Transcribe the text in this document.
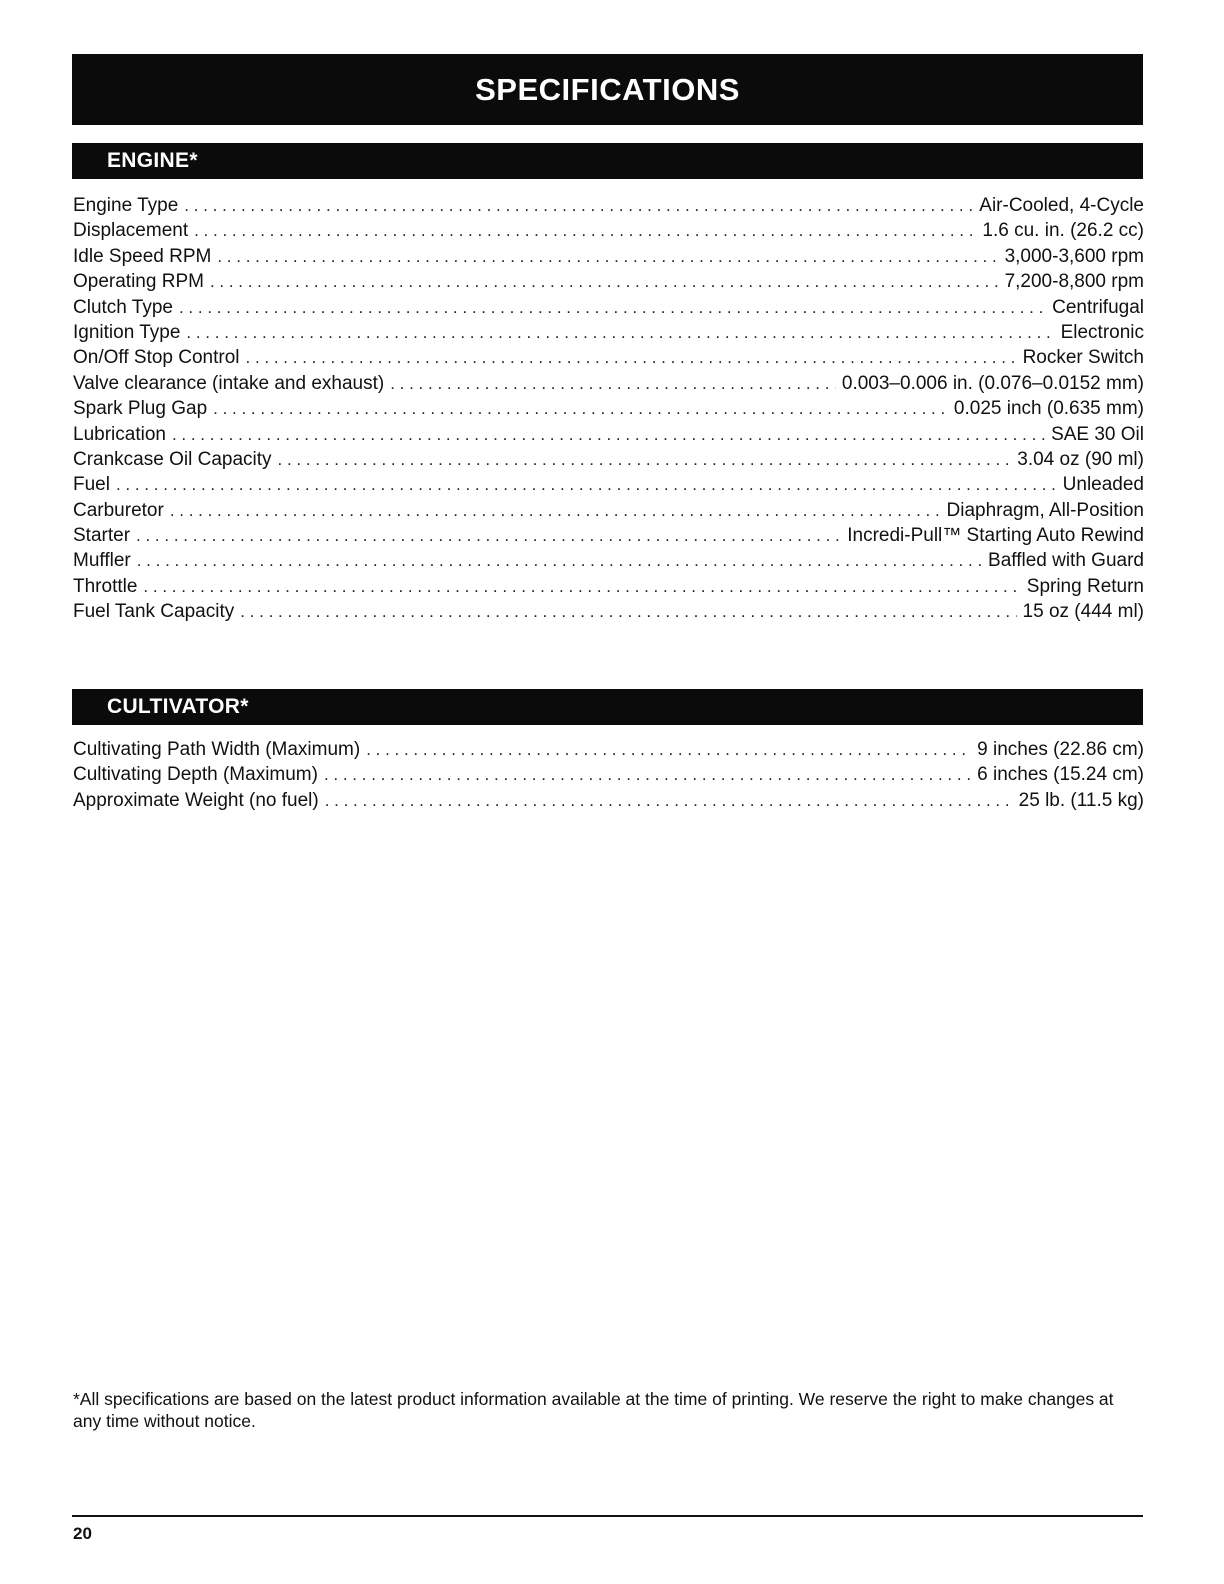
SPECIFICATIONS
ENGINE*
Engine Type . . .	Air-Cooled, 4-Cycle
Displacement . . .	1.6 cu. in. (26.2 cc)
Idle Speed RPM . . .	3,000-3,600 rpm
Operating RPM . . .	7,200-8,800 rpm
Clutch Type . . .	Centrifugal
Ignition Type . . .	Electronic
On/Off Stop Control . . .	Rocker Switch
Valve clearance (intake and exhaust) . . .	0.003–0.006 in. (0.076–0.0152 mm)
Spark Plug Gap . . .	0.025 inch (0.635 mm)
Lubrication . . .	SAE 30 Oil
Crankcase Oil Capacity . . .	3.04 oz (90 ml)
Fuel . . .	Unleaded
Carburetor . . .	Diaphragm, All-Position
Starter . . .	Incredi-Pull™ Starting Auto Rewind
Muffler . . .	Baffled with Guard
Throttle . . .	Spring Return
Fuel Tank Capacity . . .	15 oz (444 ml)
CULTIVATOR*
Cultivating Path Width (Maximum) . . .	9 inches (22.86 cm)
Cultivating Depth (Maximum) . . .	6 inches (15.24 cm)
Approximate Weight (no fuel) . . .	25 lb. (11.5 kg)

*All specifications are based on the latest product information available at the time of printing. We reserve the right to make changes at any time without notice.

20
